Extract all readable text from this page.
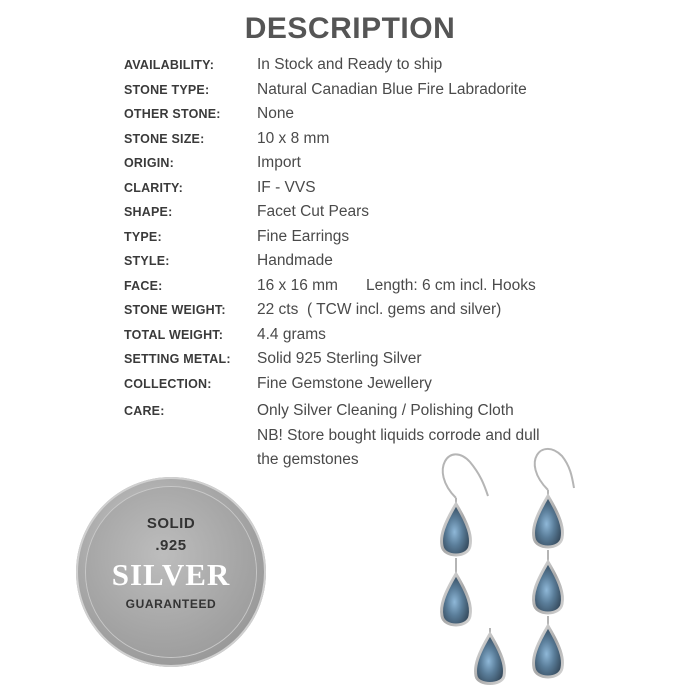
DESCRIPTION
AVAILABILITY:	In Stock and Ready to ship
STONE TYPE:	Natural Canadian Blue Fire Labradorite
OTHER STONE:	None
STONE SIZE:	10 x 8 mm
ORIGIN:	Import
CLARITY:	IF - VVS
SHAPE:	Facet Cut Pears
TYPE:	Fine Earrings
STYLE:	Handmade
FACE:	16 x 16 mm Length: 6 cm incl. Hooks
STONE WEIGHT:	22 cts  ( TCW incl. gems and silver)
TOTAL WEIGHT:	4.4 grams
SETTING METAL:	Solid 925 Sterling Silver
COLLECTION:	Fine Gemstone Jewellery
CARE:	Only Silver Cleaning / Polishing Cloth
NB! Store bought liquids corrode and dull
the gemstones
SOLID
.925
SILVER
GUARANTEED
